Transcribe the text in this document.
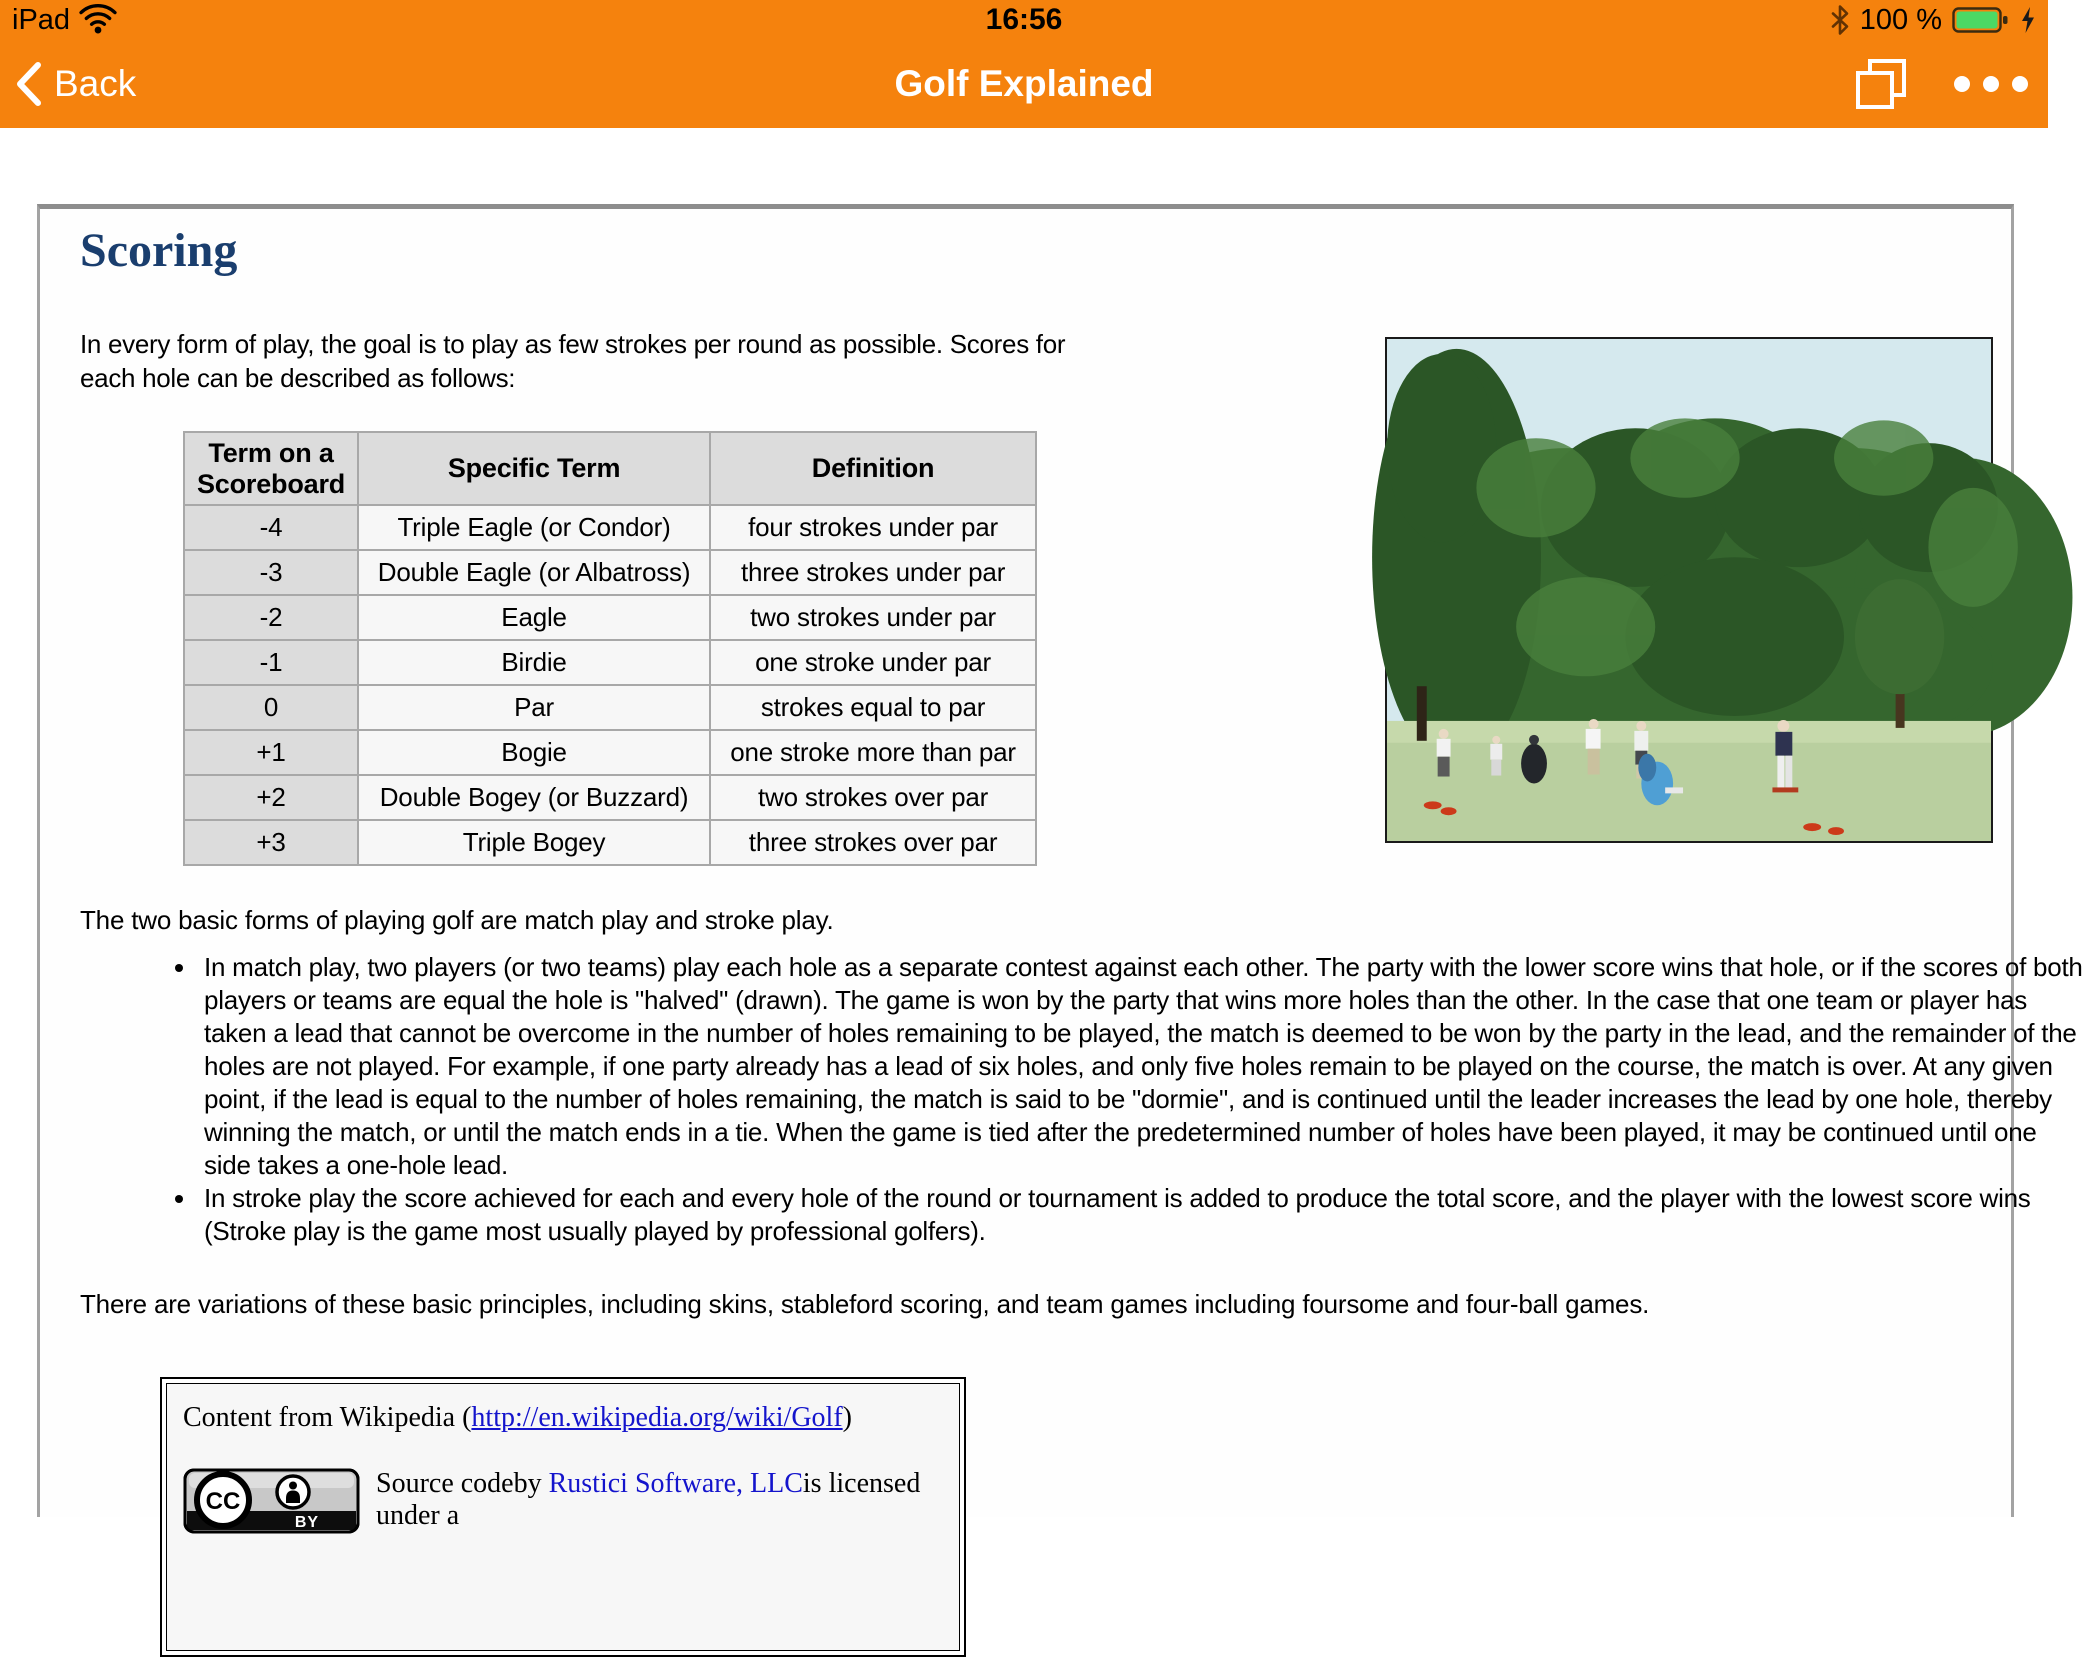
iPad	16:56	100 %
Back	Golf Explained
Scoring

In every form of play, the goal is to play as few strokes per round as possible. Scores for each hole can be described as follows:

Term on a Scoreboard	Specific Term	Definition
-4	Triple Eagle (or Condor)	four strokes under par
-3	Double Eagle (or Albatross)	three strokes under par
-2	Eagle	two strokes under par
-1	Birdie	one stroke under par
0	Par	strokes equal to par
+1	Bogie	one stroke more than par
+2	Double Bogey (or Buzzard)	two strokes over par
+3	Triple Bogey	three strokes over par

The two basic forms of playing golf are match play and stroke play.

• In match play, two players (or two teams) play each hole as a separate contest against each other. The party with the lower score wins that hole, or if the scores of both players or teams are equal the hole is "halved" (drawn). The game is won by the party that wins more holes than the other. In the case that one team or player has taken a lead that cannot be overcome in the number of holes remaining to be played, the match is deemed to be won by the party in the lead, and the remainder of the holes are not played. For example, if one party already has a lead of six holes, and only five holes remain to be played on the course, the match is over. At any given point, if the lead is equal to the number of holes remaining, the match is said to be "dormie", and is continued until the leader increases the lead by one hole, thereby winning the match, or until the match ends in a tie. When the game is tied after the predetermined number of holes have been played, it may be continued until one side takes a one-hole lead.
• In stroke play the score achieved for each and every hole of the round or tournament is added to produce the total score, and the player with the lowest score wins (Stroke play is the game most usually played by professional golfers).

There are variations of these basic principles, including skins, stableford scoring, and team games including foursome and four-ball games.

Content from Wikipedia (http://en.wikipedia.org/wiki/Golf)
CC
BY
Source codeby Rustici Software, LLCis licensed under a
